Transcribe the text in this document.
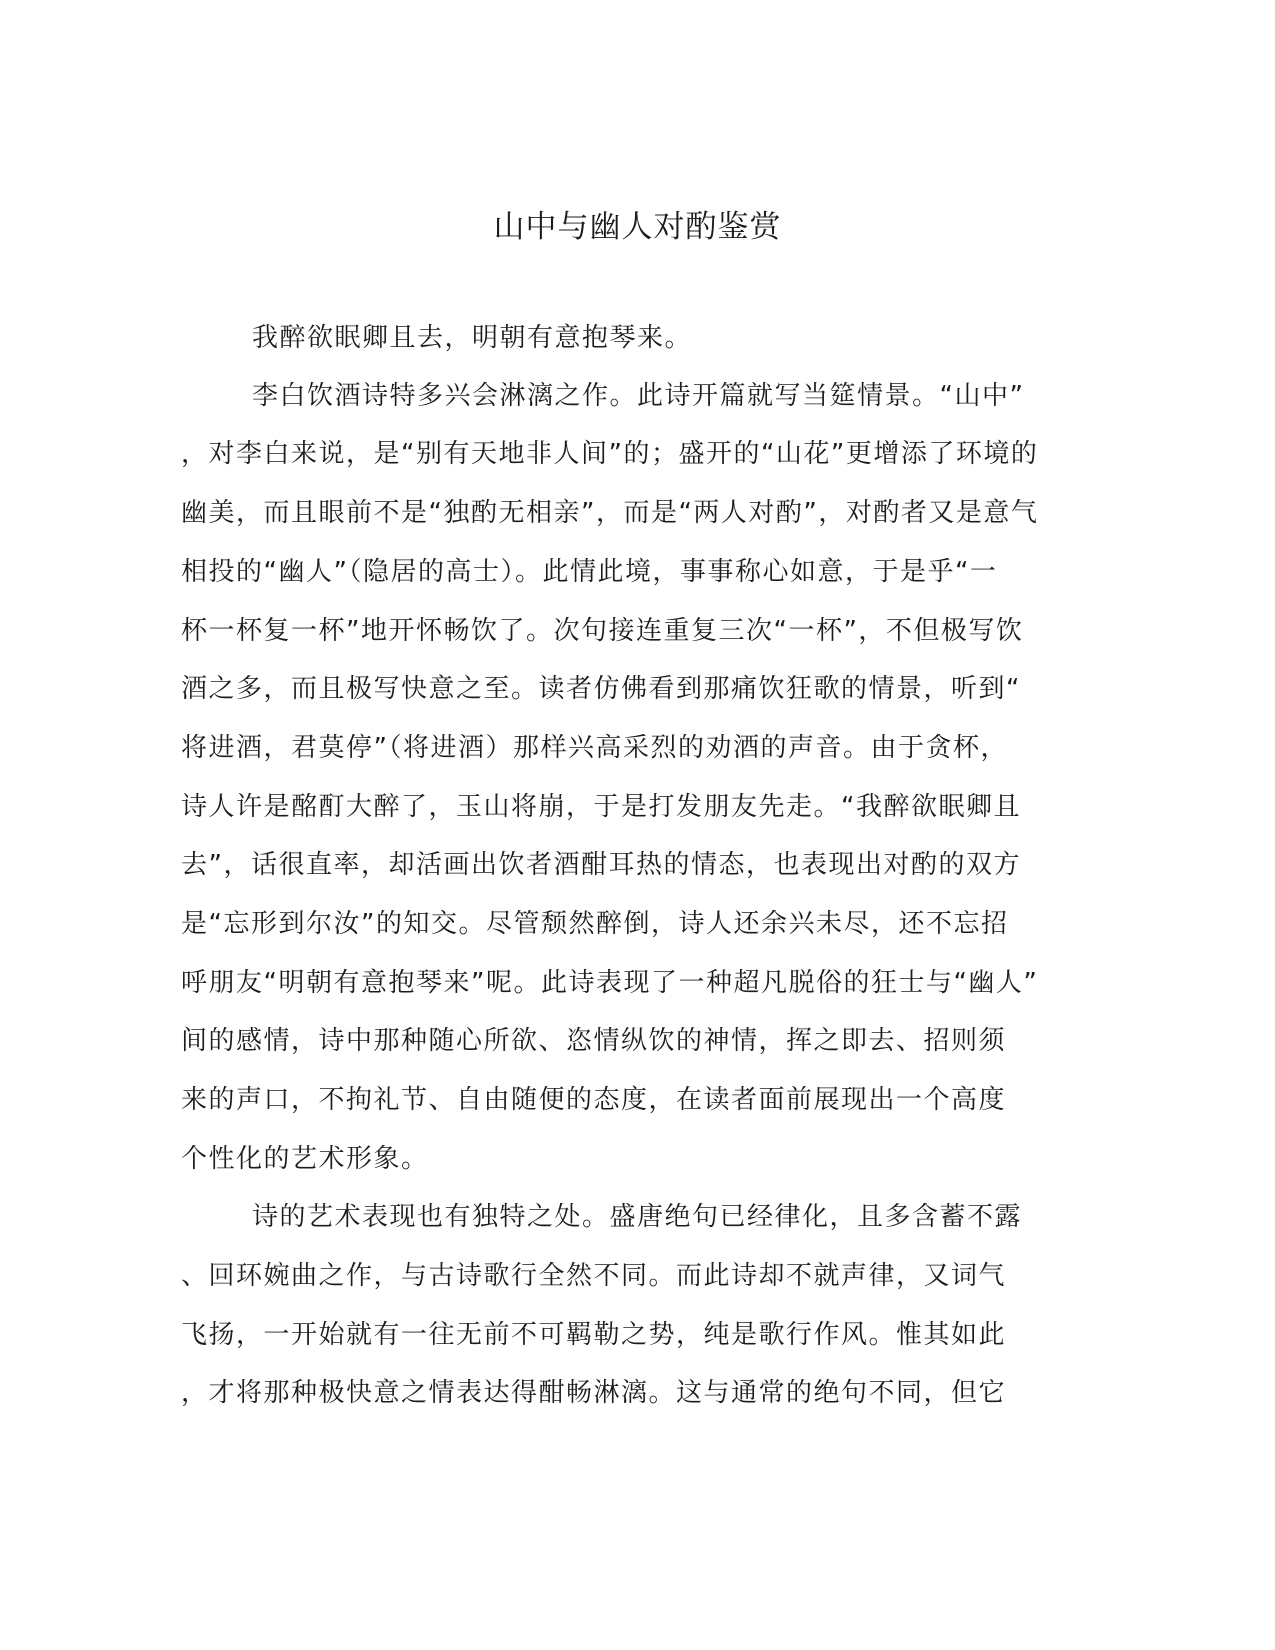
山中与幽人对酌鉴赏

我醉欲眠卿且去，明朝有意抱琴来。

李白饮酒诗特多兴会淋漓之作。此诗开篇就写当筵情景。“山中”

，对李白来说，是“别有天地非人间”的；盛开的“山花”更增添了环境的

幽美，而且眼前不是“独酌无相亲”，而是“两人对酌”，对酌者又是意气

相投的“幽人”（隐居的高士）。此情此境，事事称心如意，于是乎“一

杯一杯复一杯”地开怀畅饮了。次句接连重复三次“一杯”，不但极写饮

酒之多，而且极写快意之至。读者仿佛看到那痛饮狂歌的情景，听到“

将进酒，君莫停”（将进酒）那样兴高采烈的劝酒的声音。由于贪杯，

诗人许是酩酊大醉了，玉山将崩，于是打发朋友先走。“我醉欲眠卿且

去”，话很直率，却活画出饮者酒酣耳热的情态，也表现出对酌的双方

是“忘形到尔汝”的知交。尽管颓然醉倒，诗人还余兴未尽，还不忘招

呼朋友“明朝有意抱琴来”呢。此诗表现了一种超凡脱俗的狂士与“幽人”

间的感情，诗中那种随心所欲、恣情纵饮的神情，挥之即去、招则须

来的声口，不拘礼节、自由随便的态度，在读者面前展现出一个高度

个性化的艺术形象。

诗的艺术表现也有独特之处。盛唐绝句已经律化，且多含蓄不露

、回环婉曲之作，与古诗歌行全然不同。而此诗却不就声律，又词气

飞扬，一开始就有一往无前不可羁勒之势，纯是歌行作风。惟其如此

，才将那种极快意之情表达得酣畅淋漓。这与通常的绝句不同，但它
